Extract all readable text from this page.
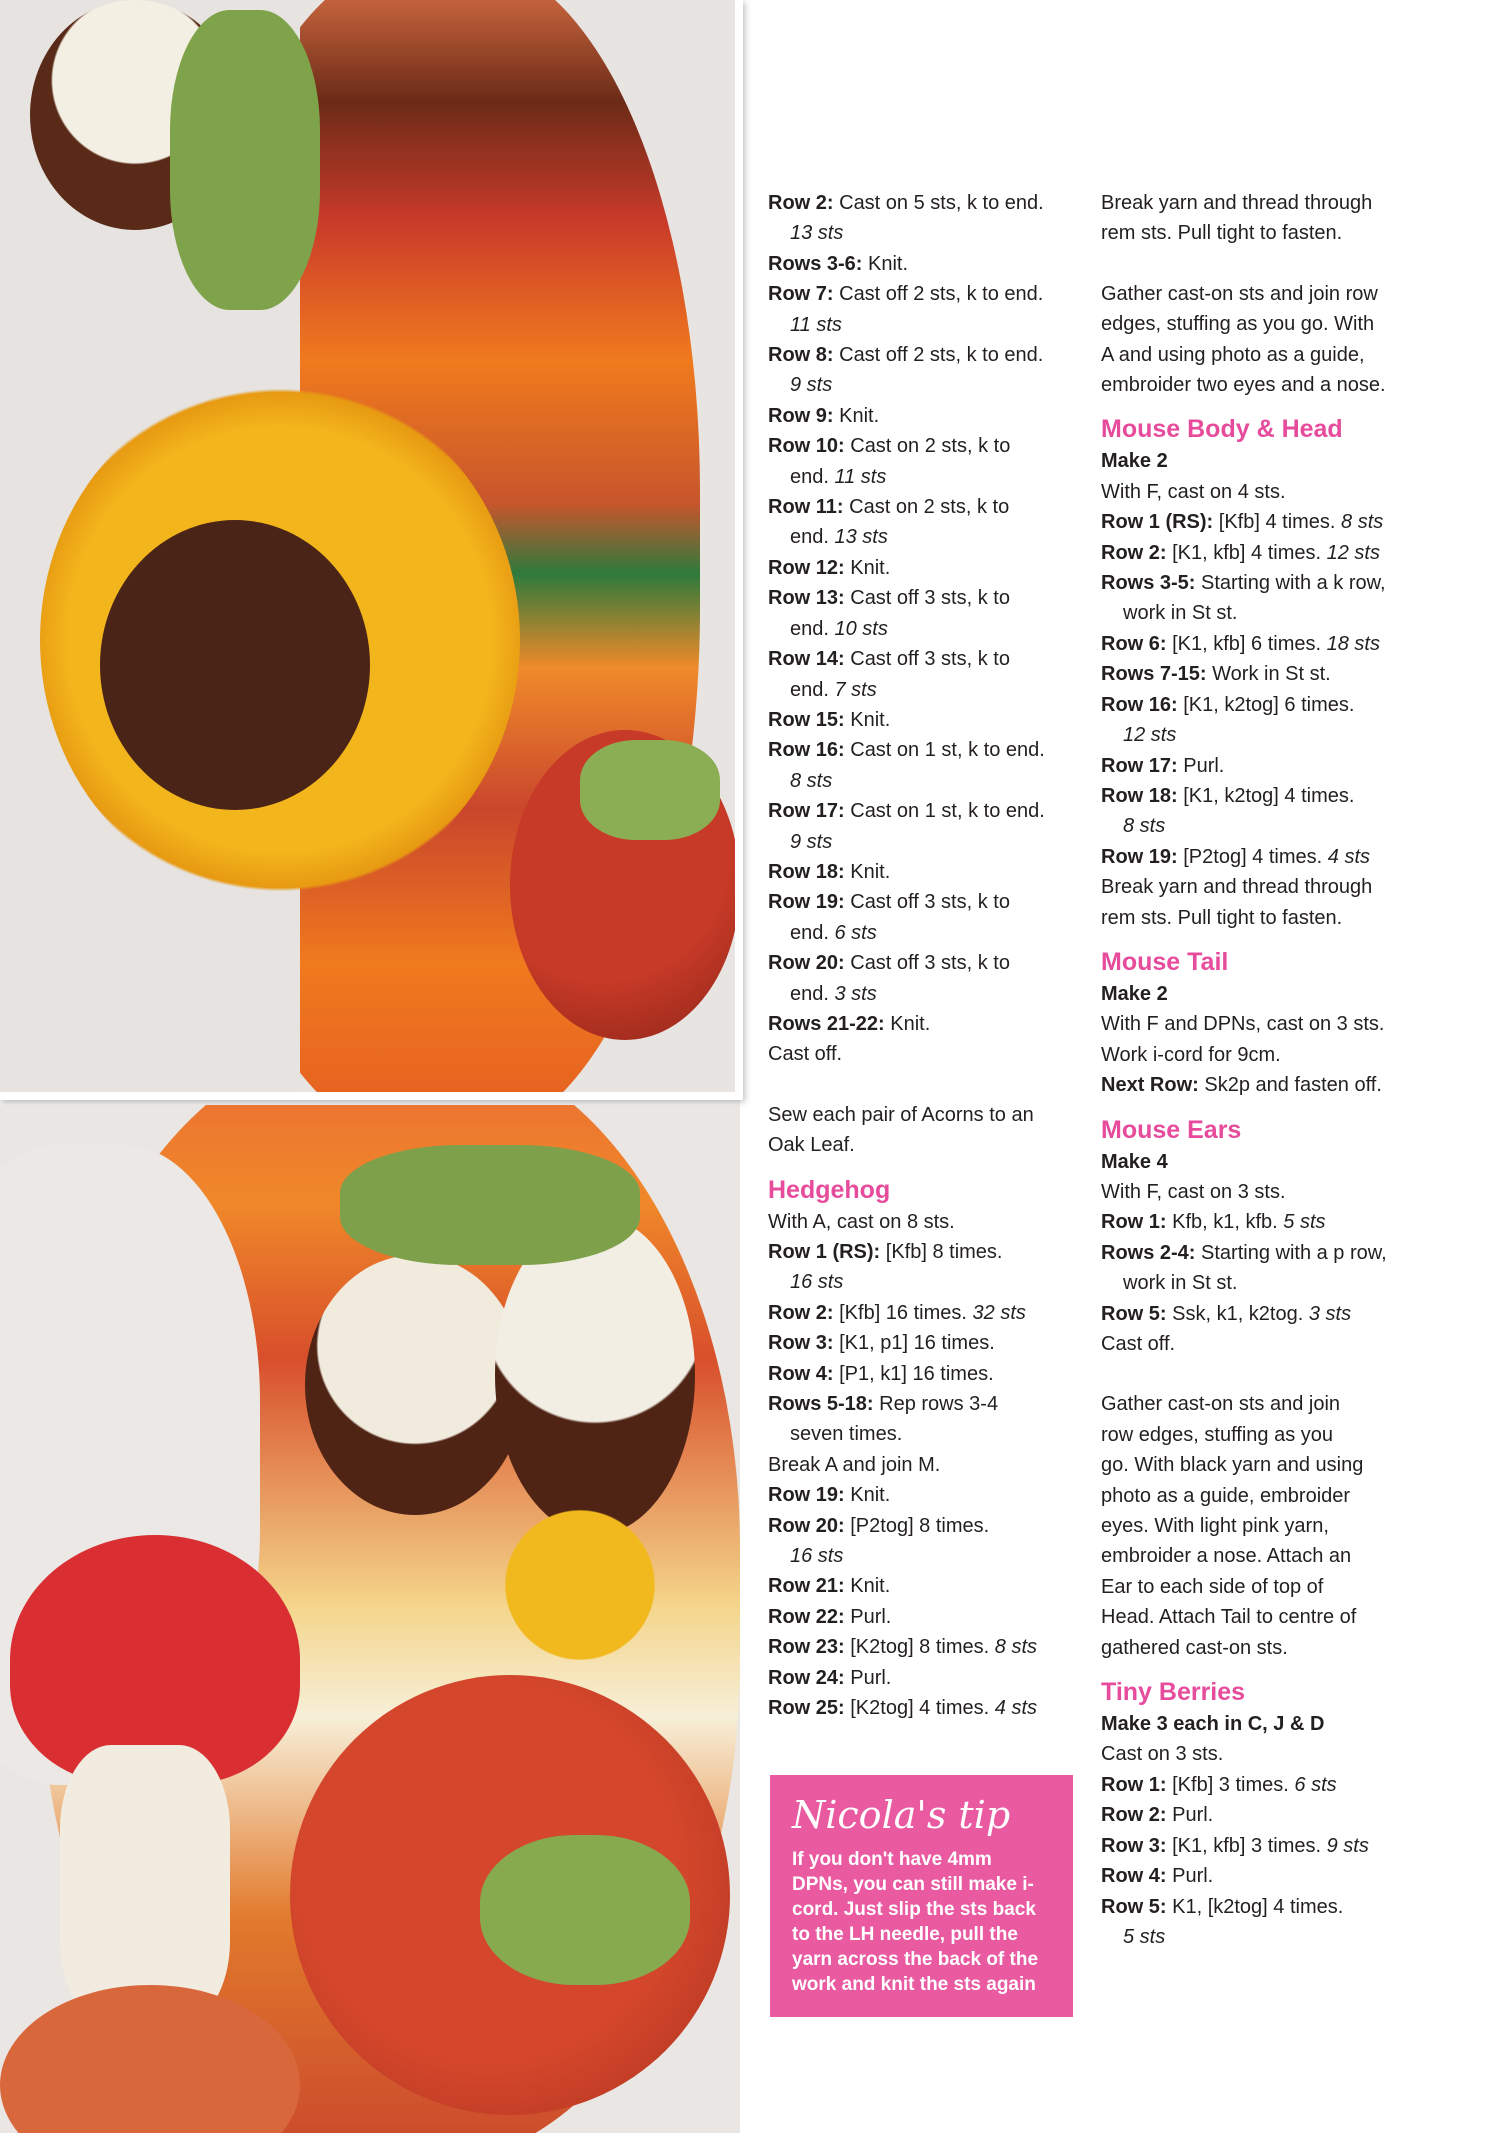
Row 2: Cast on 5 sts, k to end.
13 sts
Rows 3-6: Knit.
Row 7: Cast off 2 sts, k to end.
11 sts
Row 8: Cast off 2 sts, k to end.
9 sts
Row 9: Knit.
Row 10: Cast on 2 sts, k to
end. 11 sts
Row 11: Cast on 2 sts, k to
end. 13 sts
Row 12: Knit.
Row 13: Cast off 3 sts, k to
end. 10 sts
Row 14: Cast off 3 sts, k to
end. 7 sts
Row 15: Knit.
Row 16: Cast on 1 st, k to end.
8 sts
Row 17: Cast on 1 st, k to end.
9 sts
Row 18: Knit.
Row 19: Cast off 3 sts, k to
end. 6 sts
Row 20: Cast off 3 sts, k to
end. 3 sts
Rows 21-22: Knit.
Cast off.
Sew each pair of Acorns to an
Oak Leaf.
Hedgehog
With A, cast on 8 sts.
Row 1 (RS): [Kfb] 8 times.
16 sts
Row 2: [Kfb] 16 times. 32 sts
Row 3: [K1, p1] 16 times.
Row 4: [P1, k1] 16 times.
Rows 5-18: Rep rows 3-4
seven times.
Break A and join M.
Row 19: Knit.
Row 20: [P2tog] 8 times.
16 sts
Row 21: Knit.
Row 22: Purl.
Row 23: [K2tog] 8 times. 8 sts
Row 24: Purl.
Row 25: [K2tog] 4 times. 4 sts
Break yarn and thread through
rem sts. Pull tight to fasten.
Gather cast-on sts and join row
edges, stuffing as you go. With
A and using photo as a guide,
embroider two eyes and a nose.
Mouse Body & Head
Make 2
With F, cast on 4 sts.
Row 1 (RS): [Kfb] 4 times. 8 sts
Row 2: [K1, kfb] 4 times. 12 sts
Rows 3-5: Starting with a k row,
work in St st.
Row 6: [K1, kfb] 6 times. 18 sts
Rows 7-15: Work in St st.
Row 16: [K1, k2tog] 6 times.
12 sts
Row 17: Purl.
Row 18: [K1, k2tog] 4 times.
8 sts
Row 19: [P2tog] 4 times. 4 sts
Break yarn and thread through
rem sts. Pull tight to fasten.
Mouse Tail
Make 2
With F and DPNs, cast on 3 sts.
Work i-cord for 9cm.
Next Row: Sk2p and fasten off.
Mouse Ears
Make 4
With F, cast on 3 sts.
Row 1: Kfb, k1, kfb. 5 sts
Rows 2-4: Starting with a p row,
work in St st.
Row 5: Ssk, k1, k2tog. 3 sts
Cast off.
Gather cast-on sts and join
row edges, stuffing as you
go. With black yarn and using
photo as a guide, embroider
eyes. With light pink yarn,
embroider a nose. Attach an
Ear to each side of top of
Head. Attach Tail to centre of
gathered cast-on sts.
Tiny Berries
Make 3 each in C, J & D
Cast on 3 sts.
Row 1: [Kfb] 3 times. 6 sts
Row 2: Purl.
Row 3: [K1, kfb] 3 times. 9 sts
Row 4: Purl.
Row 5: K1, [k2tog] 4 times.
5 sts
Nicola's tip
If you don't have 4mm DPNs, you can still make i-cord. Just slip the sts back to the LH needle, pull the yarn across the back of the work and knit the sts again
